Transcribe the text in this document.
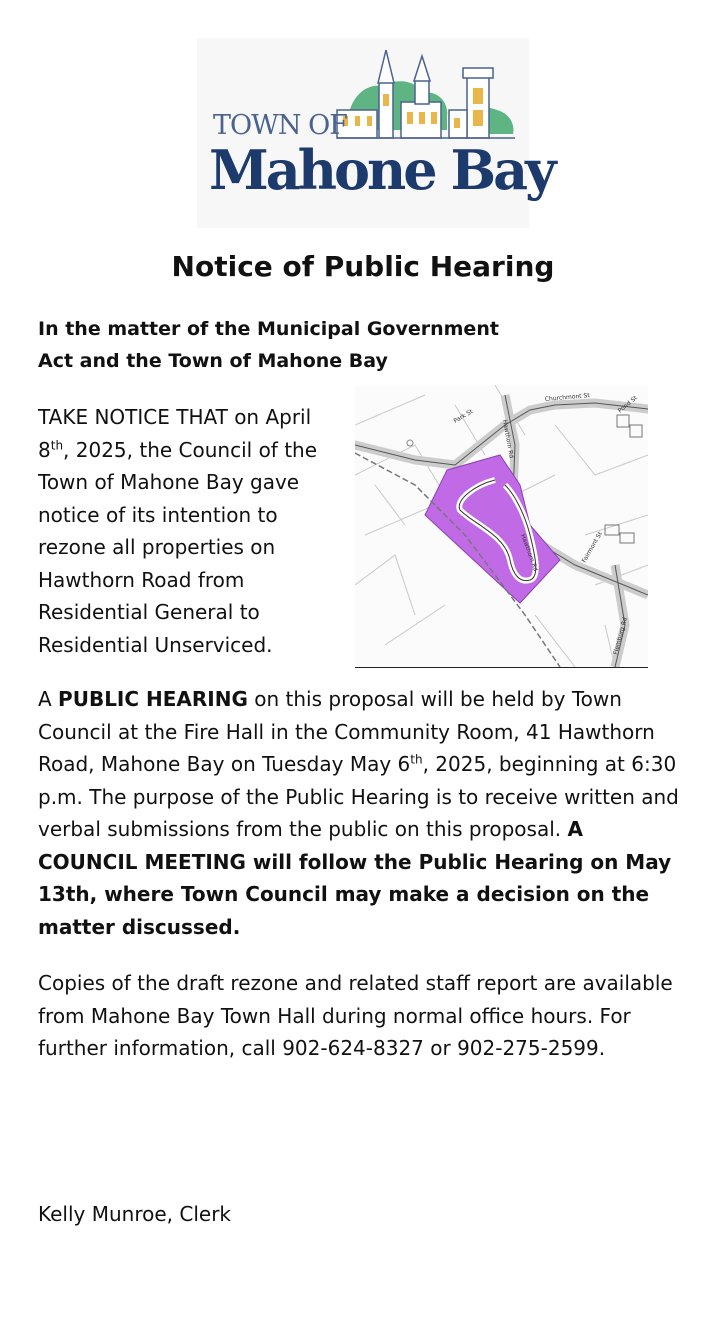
TOWN OF
Mahone Bay
Notice of Public Hearing

In the matter of the Municipal Government
Act and the Town of Mahone Bay

TAKE NOTICE THAT on April 8th, 2025, the Council of the Town of Mahone Bay gave notice of its intention to rezone all properties on Hawthorn Road from Residential General to Residential Unserviced.

Park St
Churchmont St	Pond St
Hawthorn Rd
Hawthorn Rd	Fairmont St
Flemburg Rd

A PUBLIC HEARING on this proposal will be held by Town Council at the Fire Hall in the Community Room, 41 Hawthorn Road, Mahone Bay on Tuesday May 6th, 2025, beginning at 6:30 p.m. The purpose of the Public Hearing is to receive written and verbal submissions from the public on this proposal. A COUNCIL MEETING will follow the Public Hearing on May 13th, where Town Council may make a decision on the matter discussed.

Copies of the draft rezone and related staff report are available from Mahone Bay Town Hall during normal office hours. For further information, call 902-624-8327 or 902-275-2599.

Kelly Munroe, Clerk
